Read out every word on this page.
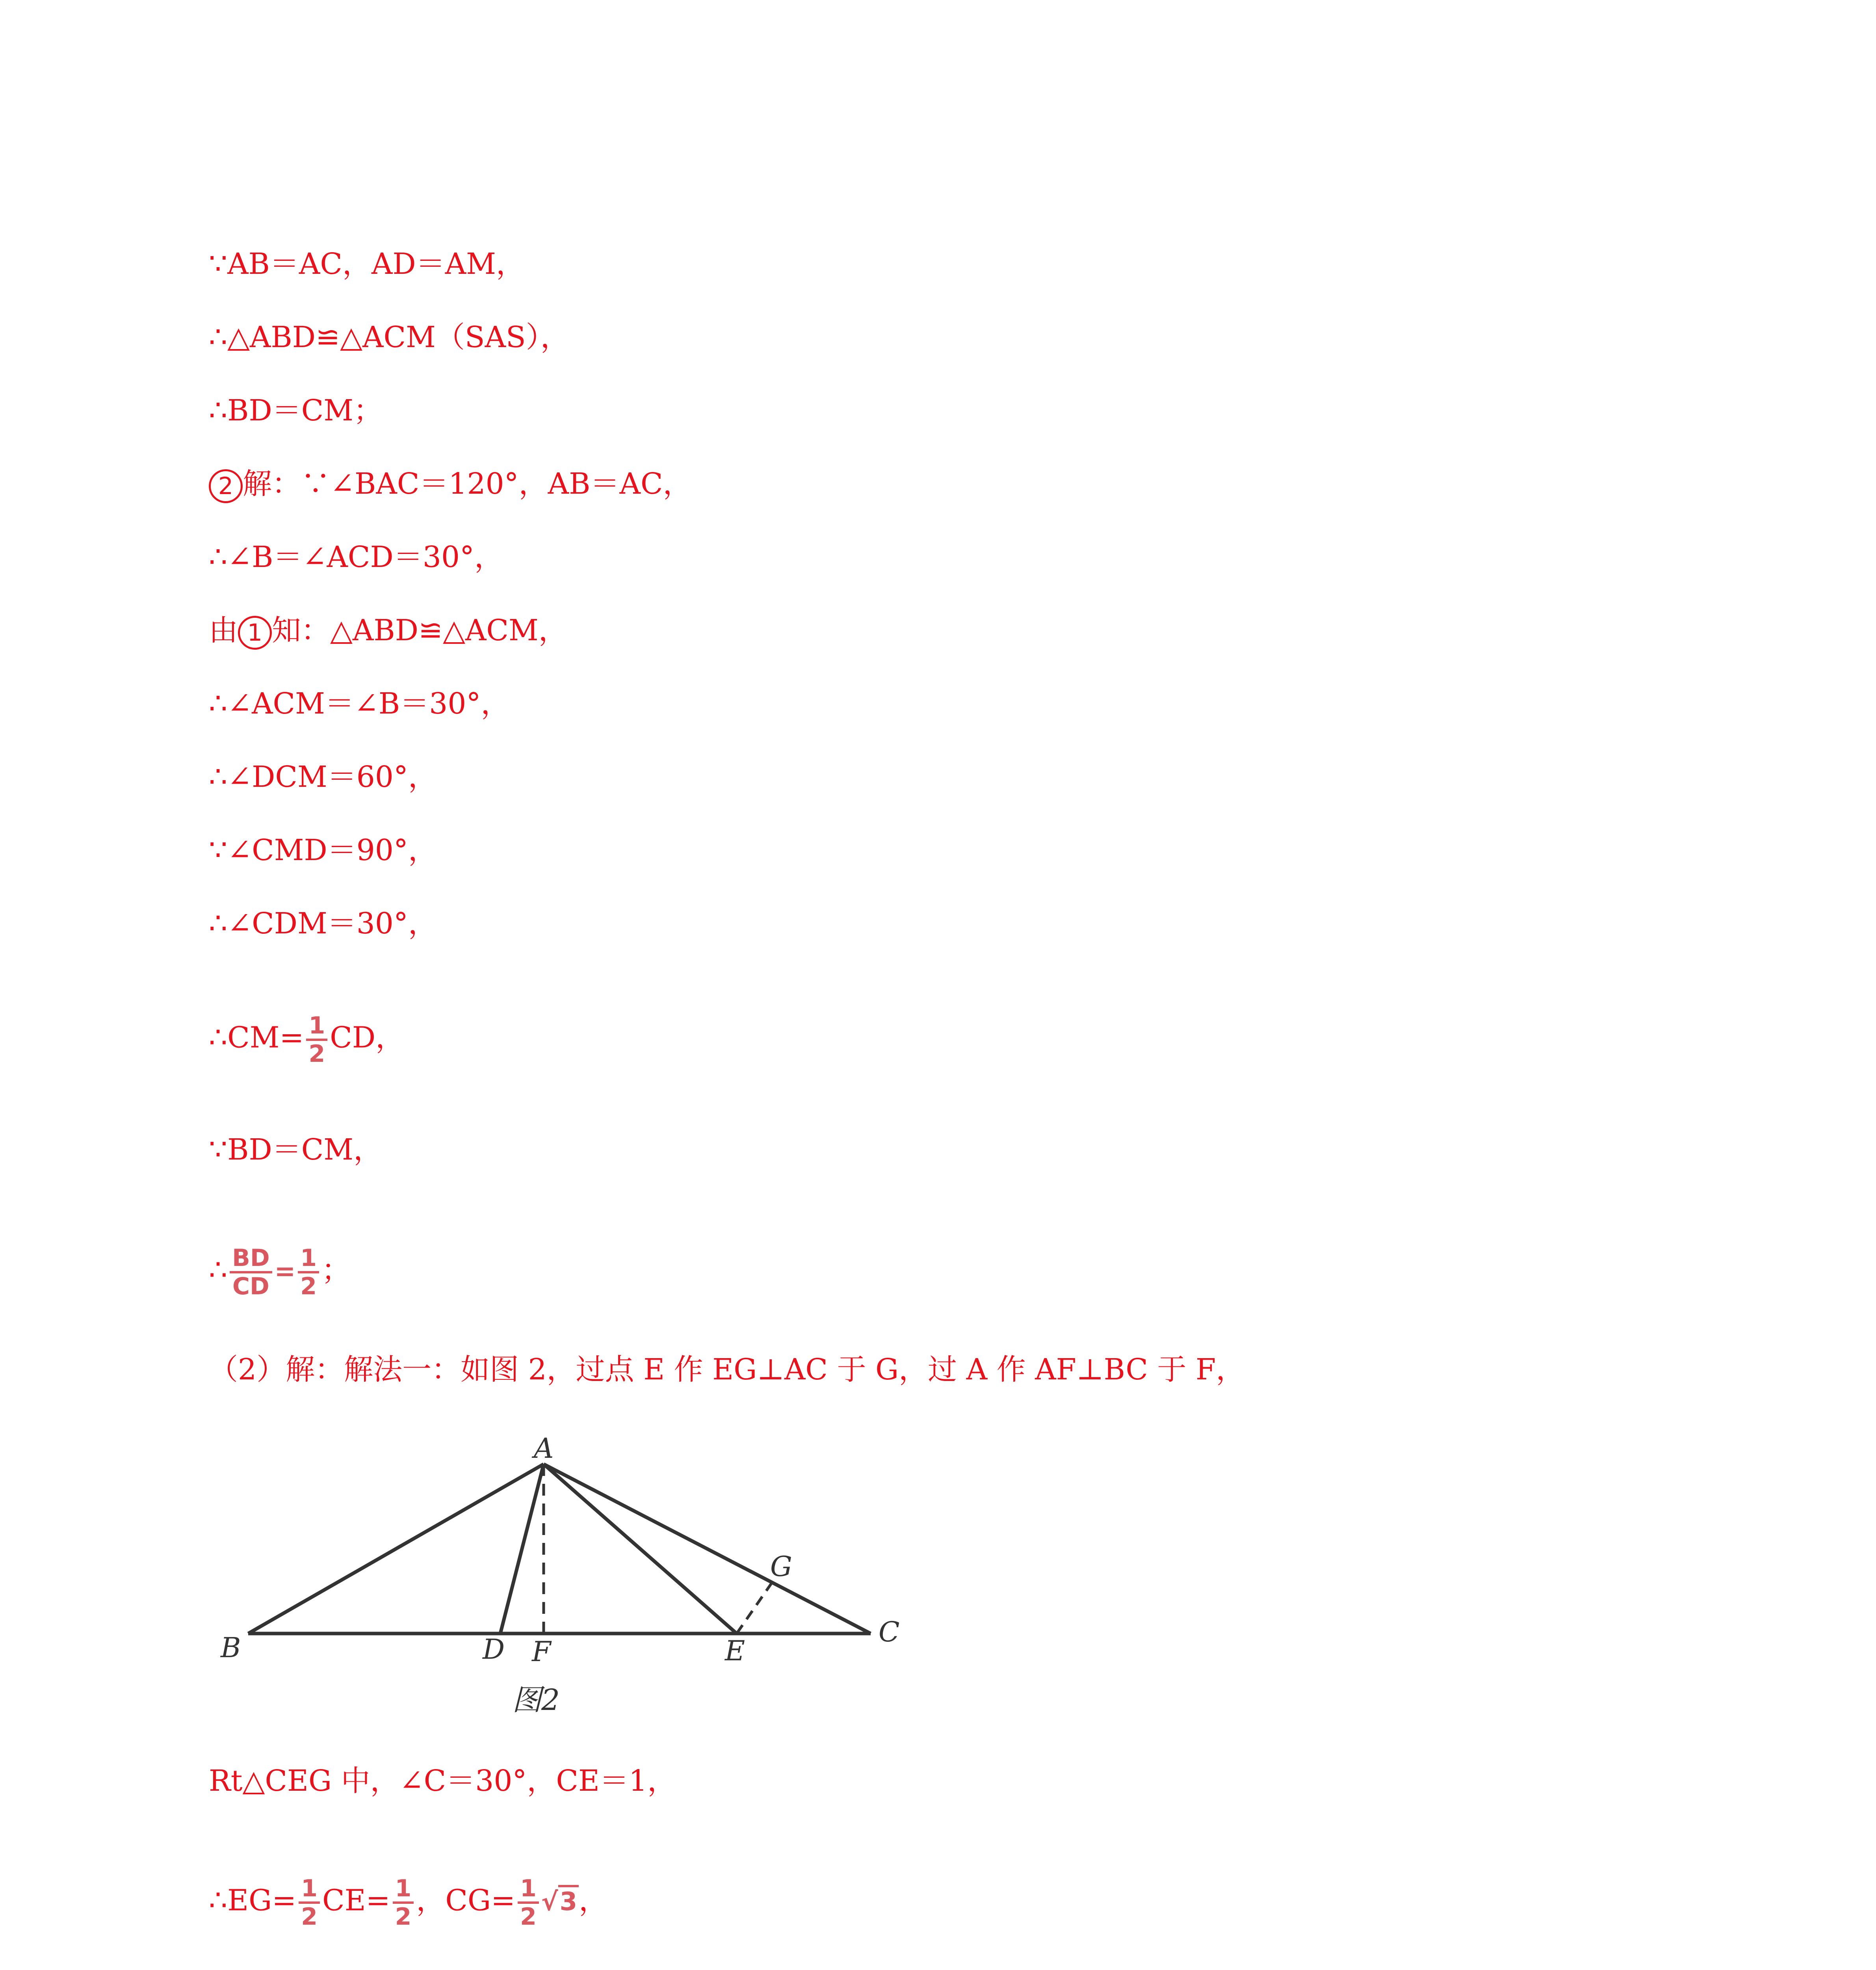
∵AB＝AC，AD＝AM，

∴△ABD≌△ACM（SAS），

∴BD＝CM；

2 解：∵∠BAC＝120°，AB＝AC，

∴∠B＝∠ACD＝30°，

由 1 知：△ABD≌△ACM，

∴∠ACM＝∠B＝30°，

∴∠DCM＝60°，

∵∠CMD＝90°，

∴∠CDM＝30°，

∴CM= $\frac{1}{2}$ CD，

∵BD＝CM，

∴ $\frac{BD}{CD} = \frac{1}{2}$ ；

（2）解：解法一：如图 2，过点 E 作 EG⊥AC 于 G，过 A 作 AF⊥BC 于 F，

A
B	C
D	E
F
G
图2

Rt△CEG 中，∠C＝30°，CE＝1，

∴EG= $\frac{1}{2} CE= \frac{1}{2}$ ，$CG= \frac{1}{2} √3$，
